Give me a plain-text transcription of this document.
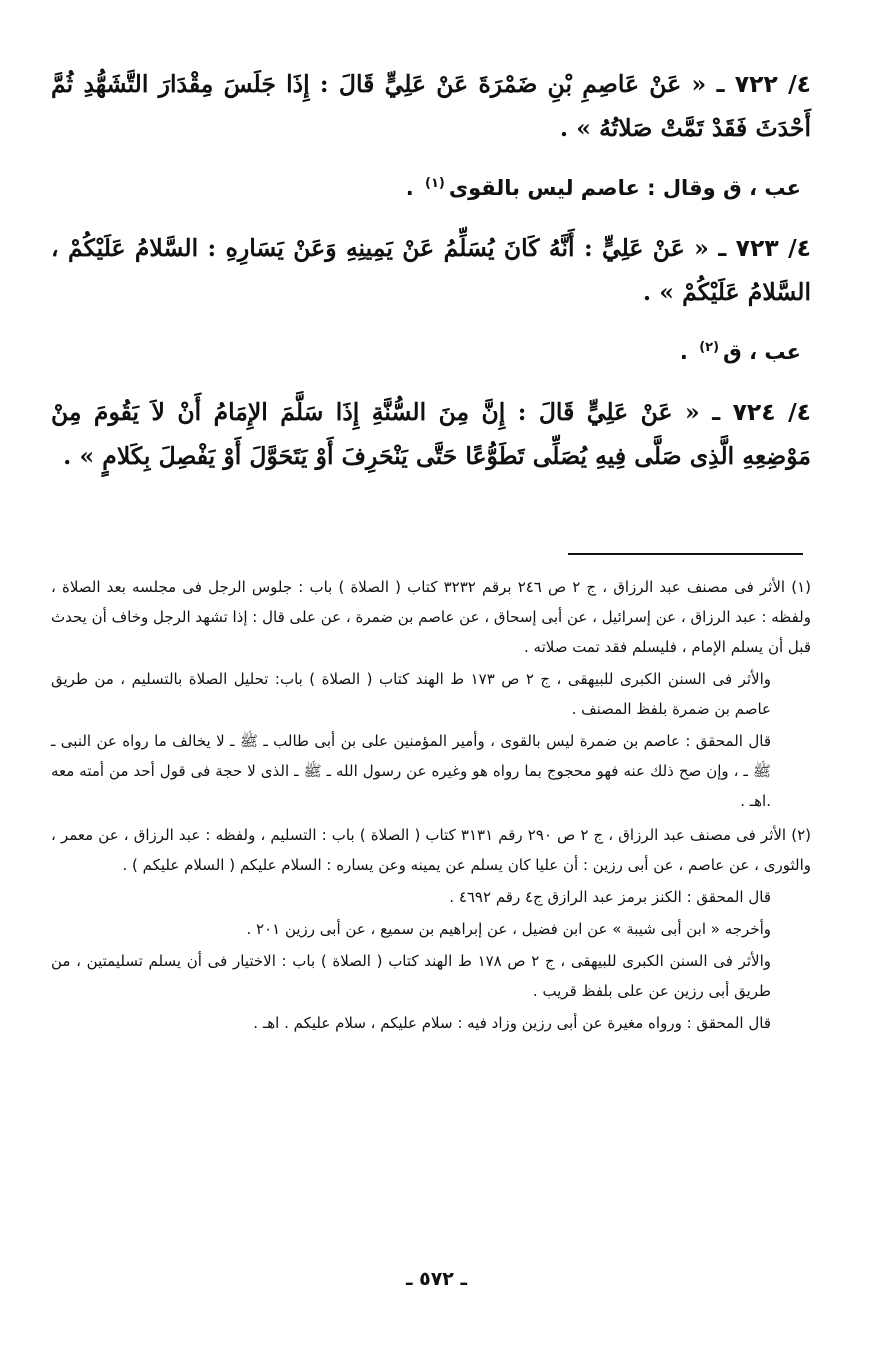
٤/ ٧٢٢ ـ « عَنْ عَاصِمِ بْنِ ضَمْرَةَ عَنْ عَلِيٍّ قَالَ : إِذَا جَلَسَ مِقْدَارَ التَّشَهُّدِ ثُمَّ أَحْدَثَ فَقَدْ تَمَّتْ صَلاتُهُ » .

عب ، ق وقال : عاصم ليس بالقوى$^{(١)}$ .

٤/ ٧٢٣ ـ « عَنْ عَلِيٍّ : أَنَّهُ كَانَ يُسَلِّمُ عَنْ يَمِينِهِ وَعَنْ يَسَارِهِ : السَّلامُ عَلَيْكُمْ ، السَّلامُ عَلَيْكُمْ » .

عب ، ق$^{(٢)}$ .

٤/ ٧٢٤ ـ « عَنْ عَلِيٍّ قَالَ : إِنَّ مِنَ السُّنَّةِ إِذَا سَلَّمَ الإِمَامُ أَنْ لاَ يَقُومَ مِنْ مَوْضِعِهِ الَّذِى صَلَّى فِيهِ يُصَلِّى تَطَوُّعًا حَتَّى يَنْحَرِفَ أَوْ يَتَحَوَّلَ أَوْ يَفْصِلَ بِكَلامٍ » .

(١) الأثر فى مصنف عبد الرزاق ، ج ٢ ص ٢٤٦ برقم ٣٢٣٢ كتاب ( الصلاة ) باب : جلوس الرجل فى مجلسه بعد الصلاة ، ولفظه : عبد الرزاق ، عن إسرائيل ، عن أبى إسحاق ، عن عاصم بن ضمرة ، عن على قال : إذا تشهد الرجل وخاف أن يحدث قبل أن يسلم الإمام ، فليسلم فقد تمت صلاته .

والأثر فى السنن الكبرى للبيهقى ، ج ٢ ص ١٧٣ ط الهند كتاب ( الصلاة ) باب: تحليل الصلاة بالتسليم ، من طريق عاصم بن ضمرة بلفظ المصنف .

قال المحقق : عاصم بن ضمرة ليس بالقوى ، وأمير المؤمنين على بن أبى طالب ـ ﷺ ـ لا يخالف ما رواه عن النبى ـ ﷺ ـ ، وإن صح ذلك عنه فهو محجوج بما رواه هو وغيره عن رسول الله ـ ﷺ ـ الذى لا حجة فى قول أحد من أمته معه .اهـ .

(٢) الأثر فى مصنف عبد الرزاق ، ج ٢ ص ٢٩٠ رقم ٣١٣١ كتاب ( الصلاة ) باب : التسليم ، ولفظه : عبد الرزاق ، عن معمر ، والثورى ، عن عاصم ، عن أبى رزين : أن عليا كان يسلم عن يمينه وعن يساره : السلام عليكم ( السلام عليكم ) .

قال المحقق : الكنز برمز عبد الرازق ج٤ رقم ٤٦٩٢ .

وأخرجه « ابن أبى شيبة » عن ابن فضيل ، عن إبراهيم بن سميع ، عن أبى رزين ٢٠١ .

والأثر فى السنن الكبرى للبيهقى ، ج ٢ ص ١٧٨ ط الهند كتاب ( الصلاة ) باب : الاختيار فى أن يسلم تسليمتين ، من طريق أبى رزين عن على بلفظ قريب .

قال المحقق : ورواه مغيرة عن أبى رزين وزاد فيه : سلام عليكم ، سلام عليكم . اهـ .

ـ ٥٧٢ ـ
